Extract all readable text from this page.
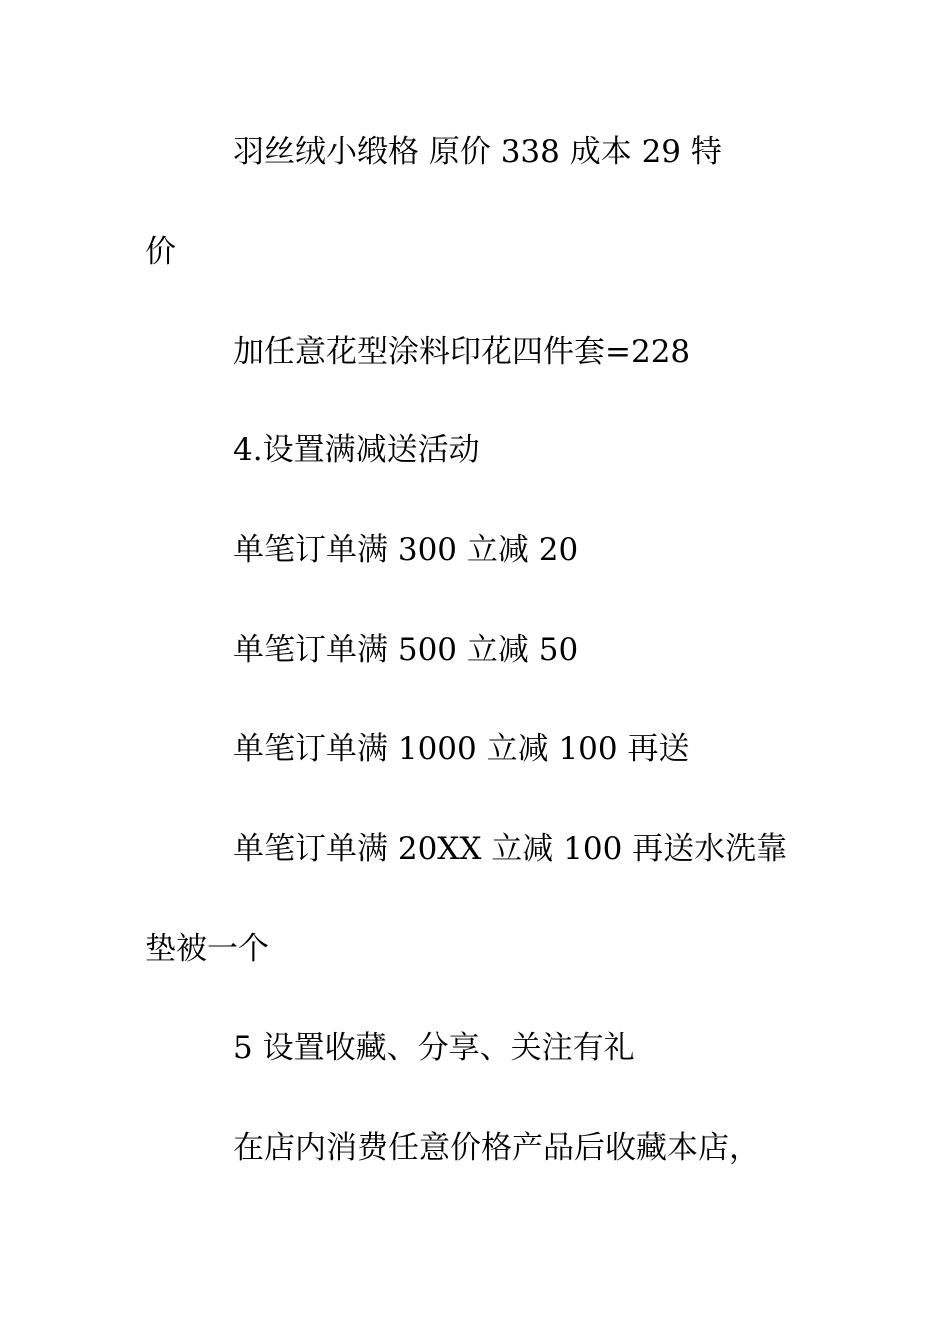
羽丝绒小缎格 原价 338 成本 29 特
价
加任意花型涂料印花四件套=228
4.设置满减送活动
单笔订单满 300 立减 20
单笔订单满 500 立减 50
单笔订单满 1000 立减 100 再送
单笔订单满 20XX 立减 100 再送水洗靠
垫被一个
5 设置收藏、分享、关注有礼
在店内消费任意价格产品后收藏本店，
